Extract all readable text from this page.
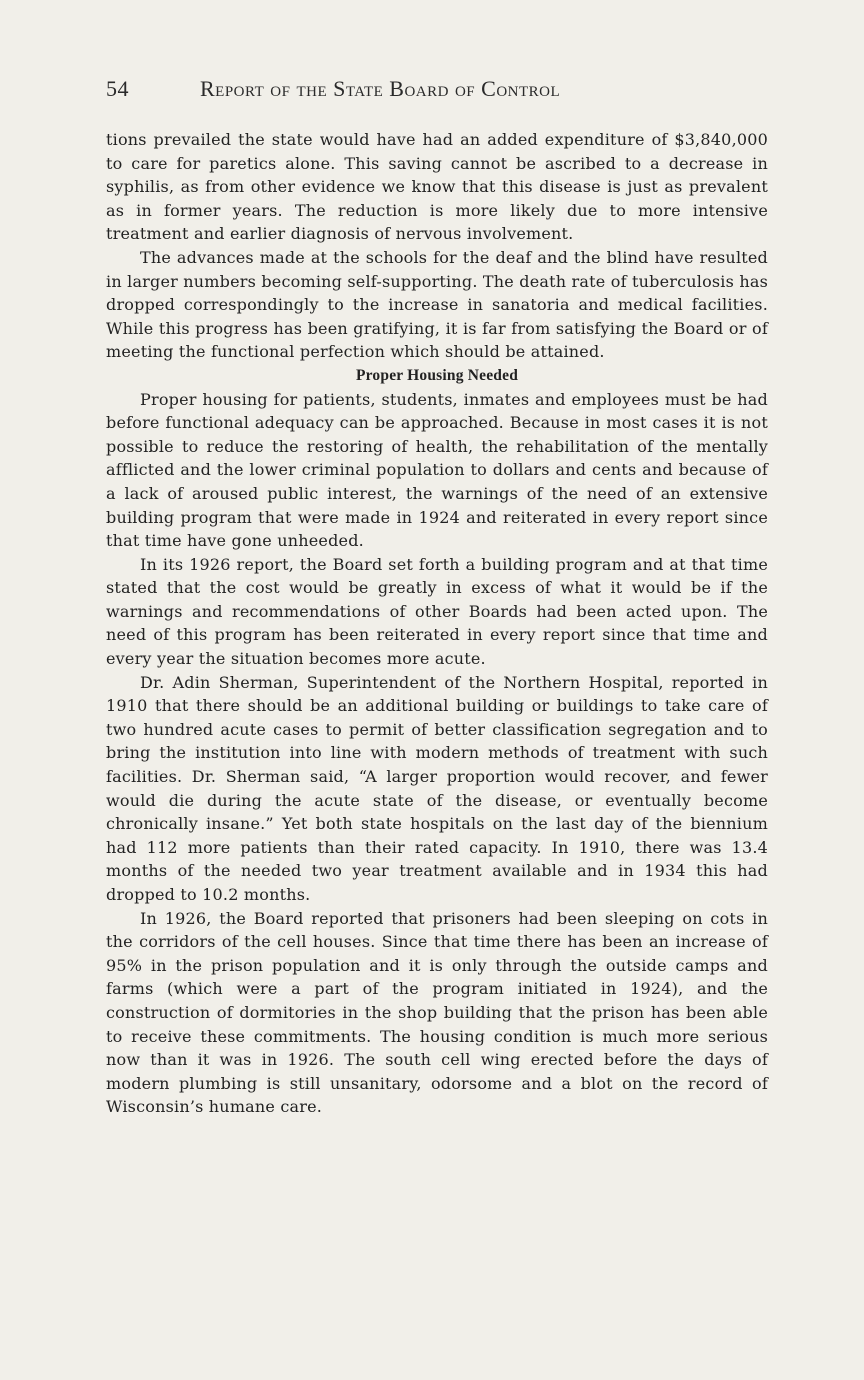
54	Report of the State Board of Control

tions prevailed the state would have had an added expenditure of $3,840,000 to care for paretics alone. This saving cannot be ascribed to a decrease in syphilis, as from other evidence we know that this disease is just as prevalent as in former years. The reduction is more likely due to more intensive treatment and earlier diagnosis of nervous involvement.

The advances made at the schools for the deaf and the blind have resulted in larger numbers becoming self-supporting. The death rate of tuberculosis has dropped correspondingly to the increase in sanatoria and medical facilities. While this progress has been gratifying, it is far from satisfying the Board or of meeting the functional perfection which should be attained.

Proper Housing Needed

Proper housing for patients, students, inmates and employees must be had before functional adequacy can be approached. Because in most cases it is not possible to reduce the restoring of health, the rehabilitation of the mentally afflicted and the lower criminal population to dollars and cents and because of a lack of aroused public interest, the warnings of the need of an extensive building program that were made in 1924 and reiterated in every report since that time have gone unheeded.

In its 1926 report, the Board set forth a building program and at that time stated that the cost would be greatly in excess of what it would be if the warnings and recommendations of other Boards had been acted upon. The need of this program has been reiterated in every report since that time and every year the situation becomes more acute.

Dr. Adin Sherman, Superintendent of the Northern Hospital, reported in 1910 that there should be an additional building or buildings to take care of two hundred acute cases to permit of better classification segregation and to bring the institution into line with modern methods of treatment with such facilities. Dr. Sherman said, “A larger proportion would recover, and fewer would die during the acute state of the disease, or eventually become chronically insane.” Yet both state hospitals on the last day of the biennium had 112 more patients than their rated capacity. In 1910, there was 13.4 months of the needed two year treatment available and in 1934 this had dropped to 10.2 months.

In 1926, the Board reported that prisoners had been sleeping on cots in the corridors of the cell houses. Since that time there has been an increase of 95% in the prison population and it is only through the outside camps and farms (which were a part of the program initiated in 1924), and the construction of dormitories in the shop building that the prison has been able to receive these commitments. The housing condition is much more serious now than it was in 1926. The south cell wing erected before the days of modern plumbing is still unsanitary, odorsome and a blot on the record of Wisconsin’s humane care.
